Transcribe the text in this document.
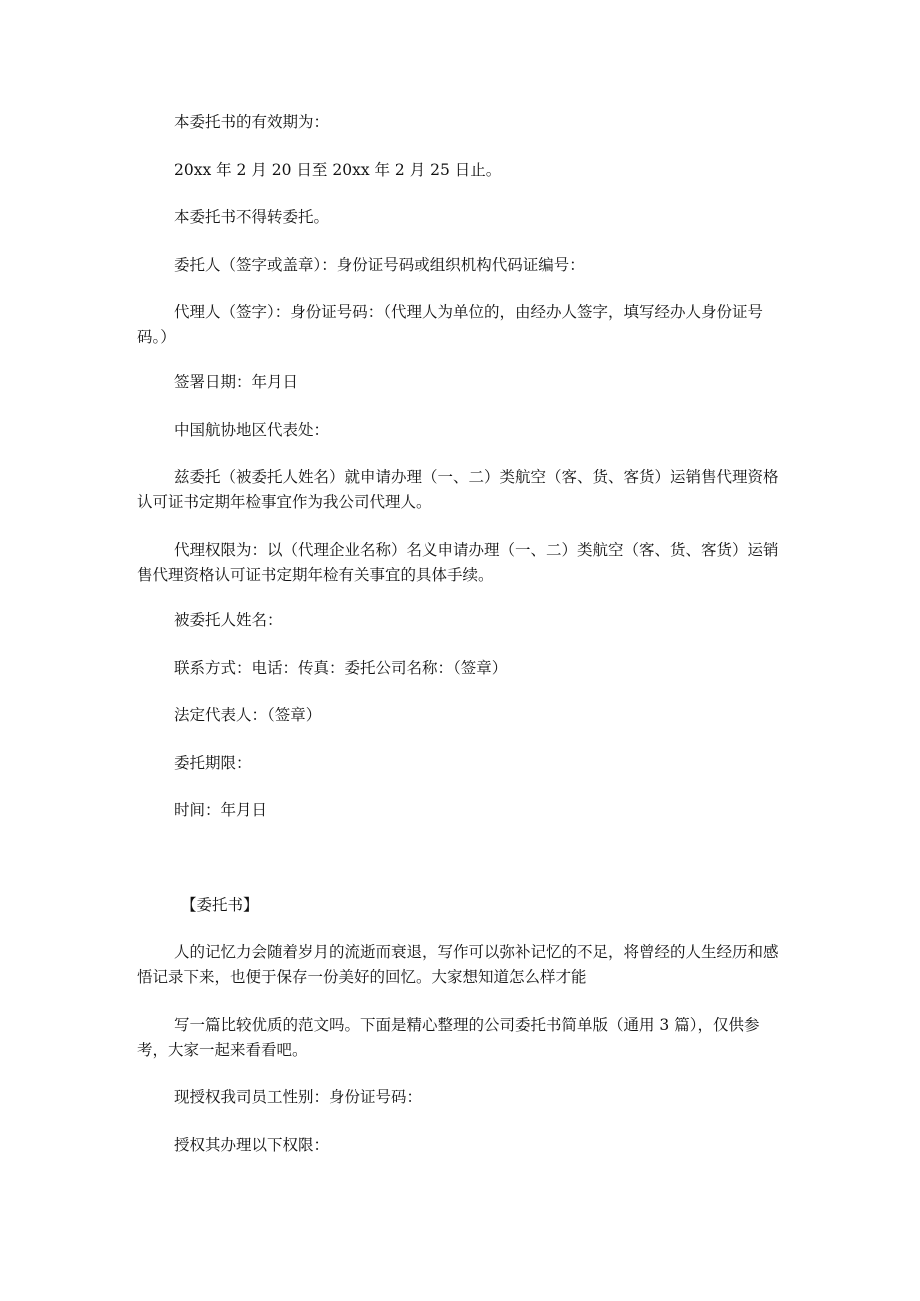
本委托书的有效期为：

20xx 年 2 月 20 日至 20xx 年 2 月 25 日止。

本委托书不得转委托。

委托人（签字或盖章）：身份证号码或组织机构代码证编号：

代理人（签字）：身份证号码：（代理人为单位的，由经办人签字，填写经办人身份证号码。）

签署日期：年月日

中国航协地区代表处：

兹委托（被委托人姓名）就申请办理（一、二）类航空（客、货、客货）运销售代理资格认可证书定期年检事宜作为我公司代理人。

代理权限为：以（代理企业名称）名义申请办理（一、二）类航空（客、货、客货）运销售代理资格认可证书定期年检有关事宜的具体手续。

被委托人姓名：

联系方式：电话：传真：委托公司名称：（签章）

法定代表人：（签章）

委托期限：

时间：年月日

【委托书】

人的记忆力会随着岁月的流逝而衰退，写作可以弥补记忆的不足，将曾经的人生经历和感悟记录下来，也便于保存一份美好的回忆。大家想知道怎么样才能

写一篇比较优质的范文吗。下面是精心整理的公司委托书简单版（通用 3 篇），仅供参考，大家一起来看看吧。

现授权我司员工性别：身份证号码：

授权其办理以下权限：
